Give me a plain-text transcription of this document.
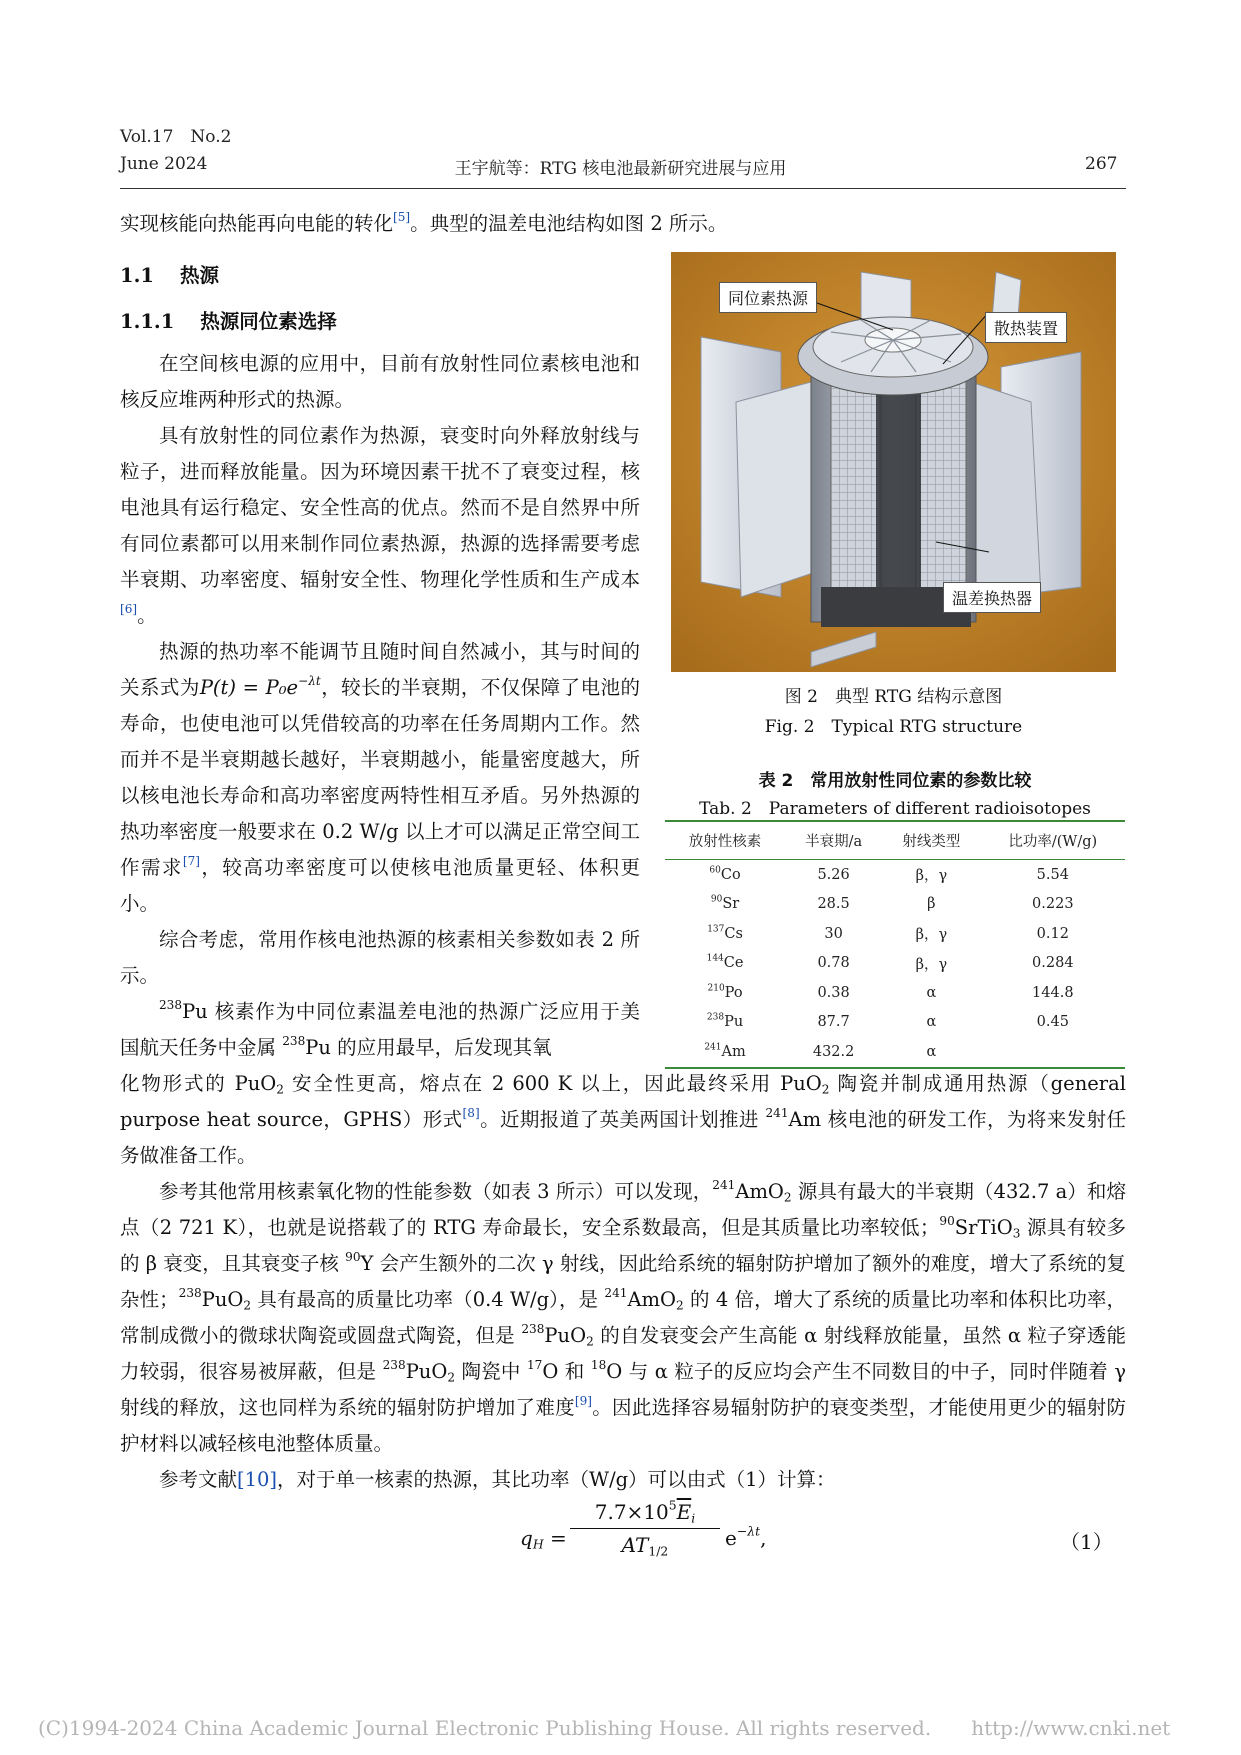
Vol.17　No.2
June 2024	王宇航等：RTG 核电池最新研究进展与应用	267
实现核能向热能再向电能的转化[5]。典型的温差电池结构如图 2 所示。
1.1 热源
1.1.1 热源同位素选择
在空间核电源的应用中，目前有放射性同位素核电池和核反应堆两种形式的热源。
具有放射性的同位素作为热源，衰变时向外释放射线与粒子，进而释放能量。因为环境因素干扰不了衰变过程，核电池具有运行稳定、安全性高的优点。然而不是自然界中所有同位素都可以用来制作同位素热源，热源的选择需要考虑半衰期、功率密度、辐射安全性、物理化学性质和生产成本[6]。
热源的热功率不能调节且随时间自然减小，其与时间的关系式为$P(t) = P_0e^{-\lambda t}$，较长的半衰期，不仅保障了电池的寿命，也使电池可以凭借较高的功率在任务周期内工作。然而并不是半衰期越长越好，半衰期越小，能量密度越大，所以核电池长寿命和高功率密度两特性相互矛盾。另外热源的热功率密度一般要求在 0.2 W/g 以上才可以满足正常空间工作需求[7]，较高功率密度可以使核电池质量更轻、体积更小。
综合考虑，常用作核电池热源的核素相关参数如表 2 所示。
$^{238}$Pu 核素作为中同位素温差电池的热源广泛应用于美国航天任务中金属 $^{238}$Pu 的应用最早，后发现其氧
同位素热源
散热装置
温差换热器
图 2　典型 RTG 结构示意图
Fig. 2　Typical RTG structure
表 2　常用放射性同位素的参数比较
Tab. 2　Parameters of different radioisotopes
放射性核素	半衰期/a	射线类型	比功率/(W/g)
$^{60}$Co	5.26	β，γ	5.54
$^{90}$Sr	28.5	β	0.223
$^{137}$Cs	30	β，γ	0.12
$^{144}$Ce	0.78	β，γ	0.284
$^{210}$Po	0.38	α	144.8
$^{238}$Pu	87.7	α	0.45
$^{241}$Am	432.2	α	
化物形式的 PuO$_2$ 安全性更高，熔点在 2 600 K 以上，因此最终采用 PuO$_2$ 陶瓷并制成通用热源（general purpose heat source，GPHS）形式[8]。近期报道了英美两国计划推进 $^{241}$Am 核电池的研发工作，为将来发射任务做准备工作。
参考其他常用核素氧化物的性能参数（如表 3 所示）可以发现，$^{241}$AmO$_2$ 源具有最大的半衰期（432.7 a）和熔点（2 721 K），也就是说搭载了的 RTG 寿命最长，安全系数最高，但是其质量比功率较低；$^{90}$SrTiO$_3$ 源具有较多的 β 衰变，且其衰变子核 $^{90}$Y 会产生额外的二次 γ 射线，因此给系统的辐射防护增加了额外的难度，增大了系统的复杂性；$^{238}$PuO$_2$ 具有最高的质量比功率（0.4 W/g），是 $^{241}$AmO$_2$ 的 4 倍，增大了系统的质量比功率和体积比功率，常制成微小的微球状陶瓷或圆盘式陶瓷，但是 $^{238}$PuO$_2$ 的自发衰变会产生高能 α 射线释放能量，虽然 α 粒子穿透能力较弱，很容易被屏蔽，但是 $^{238}$PuO$_2$ 陶瓷中 $^{17}$O 和 $^{18}$O 与 α 粒子的反应均会产生不同数目的中子，同时伴随着 γ 射线的释放，这也同样为系统的辐射防护增加了难度[9]。因此选择容易辐射防护的衰变类型，才能使用更少的辐射防护材料以减轻核电池整体质量。
参考文献[10]，对于单一核素的热源，其比功率（W/g）可以由式（1）计算：
$q_H$ =
$7.7\times 10^5\overline{E}_i$
$AT_{1/2}$
$e^{-\lambda t}$,	（1）
(C)1994-2024 China Academic Journal Electronic Publishing House. All rights reserved.　　http://www.cnki.net
